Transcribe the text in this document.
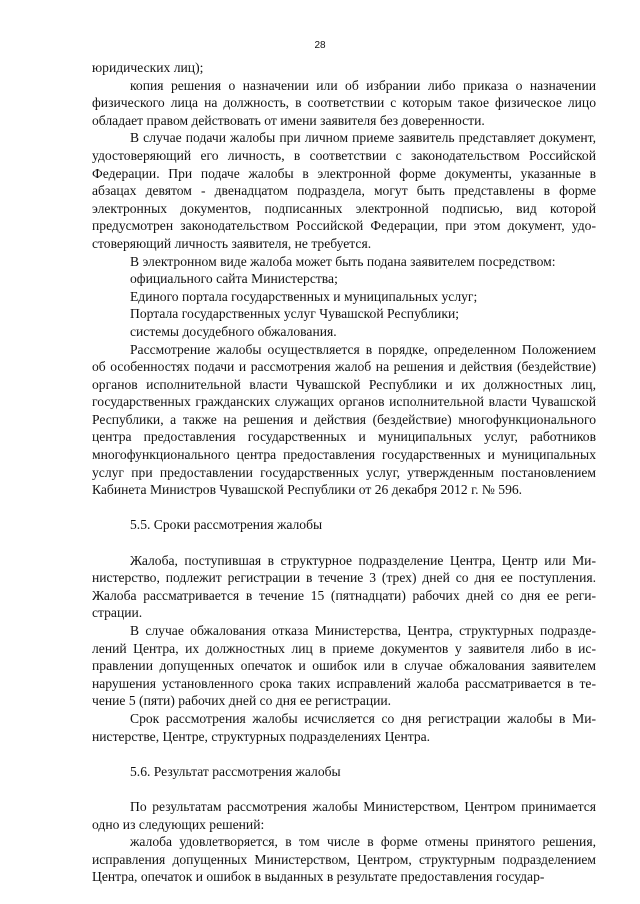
28

юридических лиц);

копия решения о назначении или об избрании либо приказа о назначении физического лица на должность, в соответствии с которым такое физическое лицо обладает правом действовать от имени заявителя без доверенности.

В случае подачи жалобы при личном приеме заявитель представляет документ, удостоверяющий его личность, в соответствии с законодательством Российской Федерации. При подаче жалобы в электронной форме документы, указанные в абзацах девятом - двенадцатом подраздела, могут быть представлены в форме электронных документов, подписанных электронной подписью, вид которой предусмотрен законодательством Российской Федерации, при этом документ, удостоверяющий личность заявителя, не требуется.

В электронном виде жалоба может быть подана заявителем посредством:

официального сайта Министерства;

Единого портала государственных и муниципальных услуг;

Портала государственных услуг Чувашской Республики;

системы досудебного обжалования.

Рассмотрение жалобы осуществляется в порядке, определенном Положением об особенностях подачи и рассмотрения жалоб на решения и действия (бездействие) органов исполнительной власти Чувашской Республики и их должностных лиц, государственных гражданских служащих органов исполнительной власти Чувашской Республики, а также на решения и действия (бездействие) многофункционального центра предоставления государственных и муниципальных услуг, работников многофункционального центра предоставления государственных и муниципальных услуг при предоставлении государственных услуг, утвержденным постановлением Кабинета Министров Чувашской Республики от 26 декабря 2012 г. № 596.

5.5. Сроки рассмотрения жалобы

Жалоба, поступившая в структурное подразделение Центра, Центр или Министерство, подлежит регистрации в течение 3 (трех) дней со дня ее поступления. Жалоба рассматривается в течение 15 (пятнадцати) рабочих дней со дня ее регистрации.

В случае обжалования отказа Министерства, Центра, структурных подразделений Центра, их должностных лиц в приеме документов у заявителя либо в исправлении допущенных опечаток и ошибок или в случае обжалования заявителем нарушения установленного срока таких исправлений жалоба рассматривается в течение 5 (пяти) рабочих дней со дня ее регистрации.

Срок рассмотрения жалобы исчисляется со дня регистрации жалобы в Министерстве, Центре, структурных подразделениях Центра.

5.6. Результат рассмотрения жалобы

По результатам рассмотрения жалобы Министерством, Центром принимается одно из следующих решений:

жалоба удовлетворяется, в том числе в форме отмены принятого решения, исправления допущенных Министерством, Центром, структурным подразделением Центра, опечаток и ошибок в выданных в результате предоставления государ-
